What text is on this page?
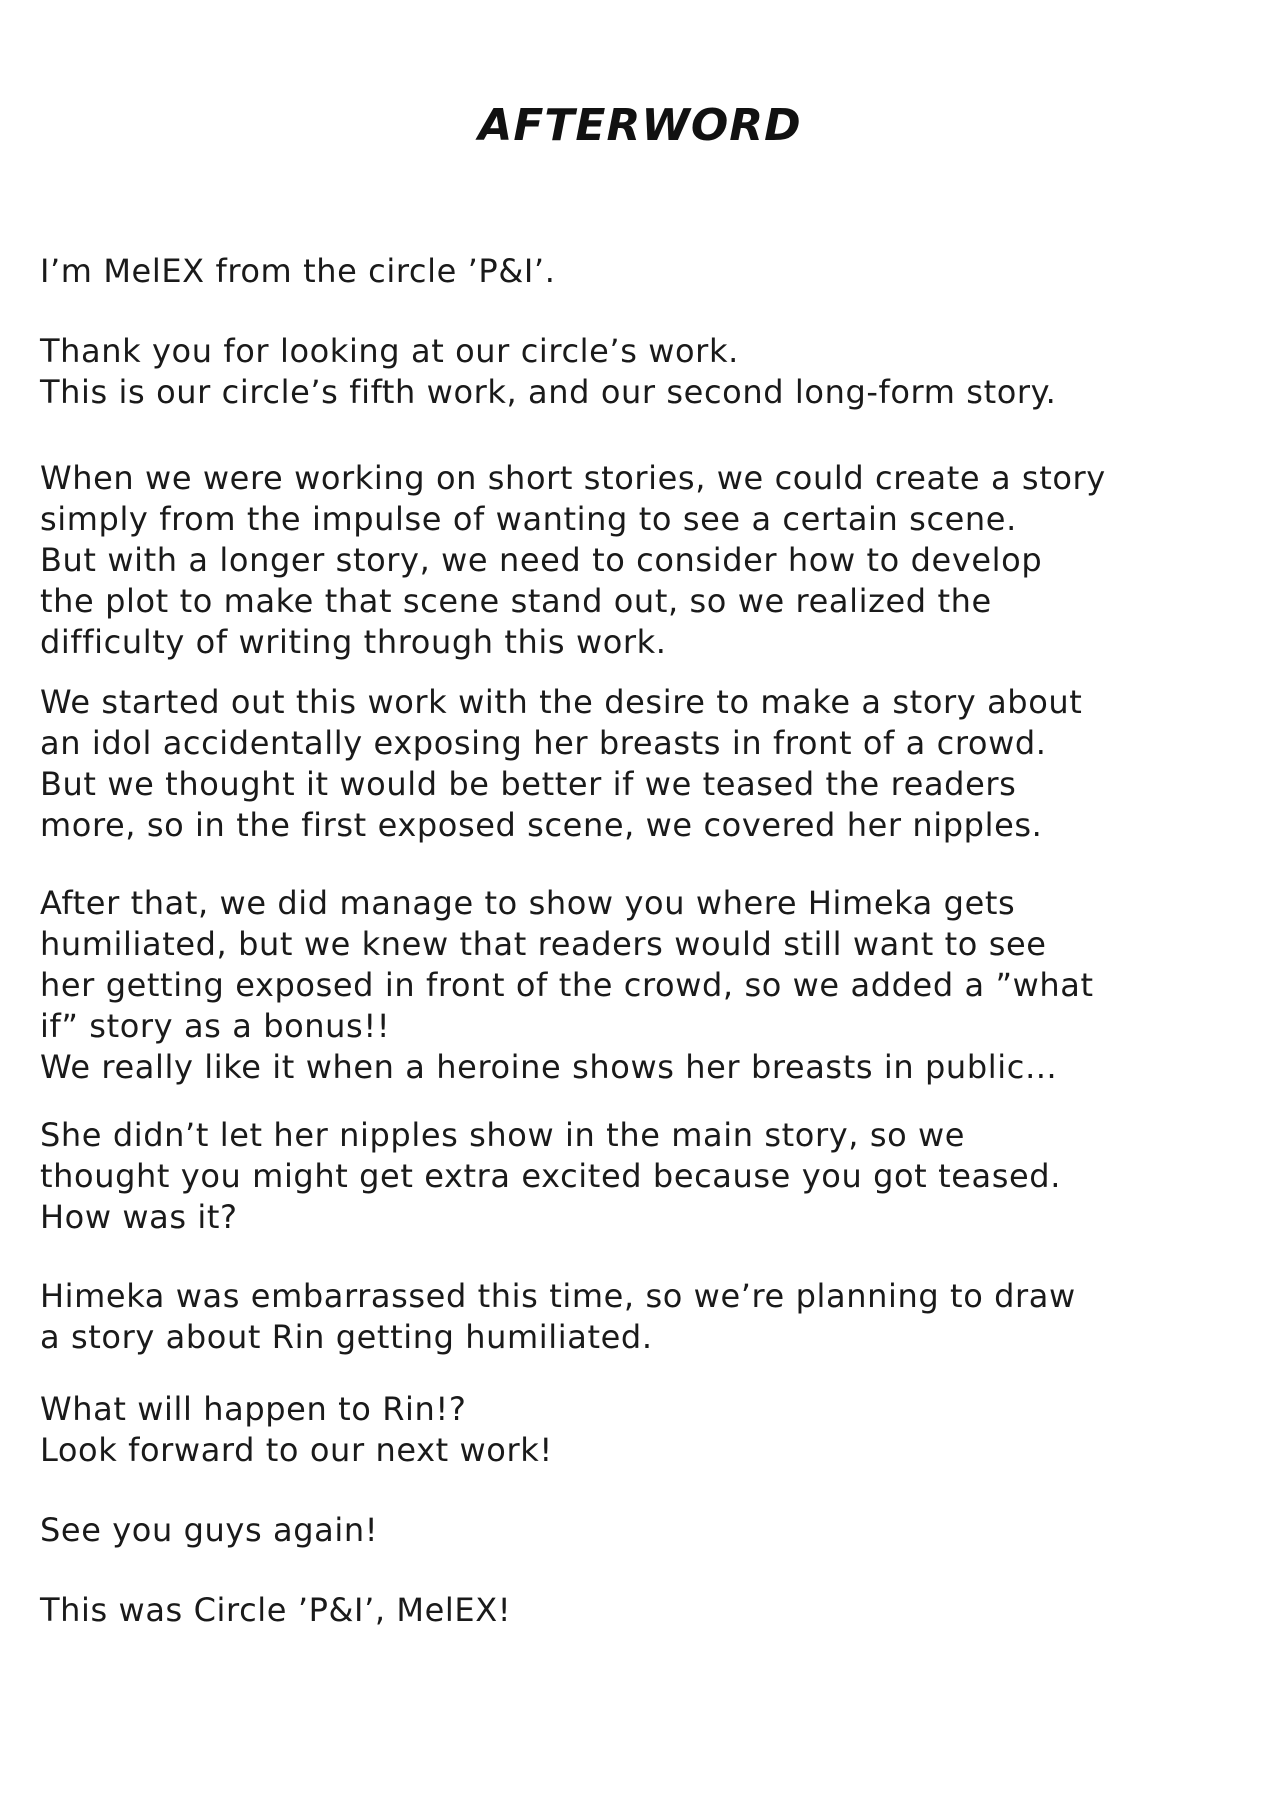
AFTERWORD

I’m MelEX from the circle ’P&I’.

Thank you for looking at our circle’s work.
This is our circle’s fifth work, and our second long-form story.

When we were working on short stories, we could create a story
simply from the impulse of wanting to see a certain scene.
But with a longer story, we need to consider how to develop
the plot to make that scene stand out, so we realized the
difficulty of writing through this work.

We started out this work with the desire to make a story about
an idol accidentally exposing her breasts in front of a crowd.
But we thought it would be better if we teased the readers
more, so in the first exposed scene, we covered her nipples.

After that, we did manage to show you where Himeka gets
humiliated, but we knew that readers would still want to see
her getting exposed in front of the crowd, so we added a ”what
if” story as a bonus!!
We really like it when a heroine shows her breasts in public…

She didn’t let her nipples show in the main story, so we
thought you might get extra excited because you got teased.
How was it?

Himeka was embarrassed this time, so we’re planning to draw
a story about Rin getting humiliated.

What will happen to Rin!?
Look forward to our next work!

See you guys again!

This was Circle ’P&I’, MelEX!
